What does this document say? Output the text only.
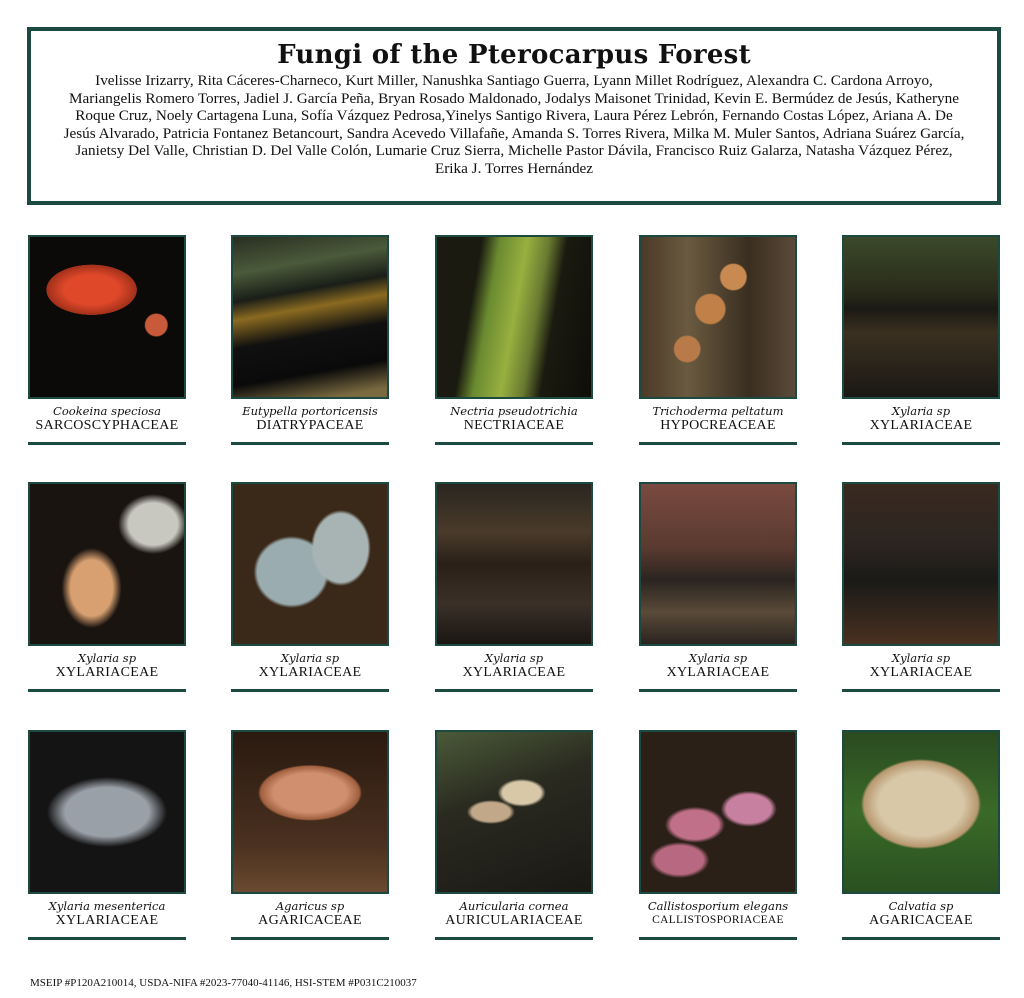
Fungi of the Pterocarpus Forest
Ivelisse Irizarry, Rita Cáceres-Charneco, Kurt Miller, Nanushka Santiago Guerra, Lyann Millet Rodríguez, Alexandra C. Cardona Arroyo, Mariangelis Romero Torres, Jadiel J. García Peña, Bryan Rosado Maldonado, Jodalys Maisonet Trinidad, Kevin E. Bermúdez de Jesús, Katheryne Roque Cruz, Noely Cartagena Luna, Sofía Vázquez Pedrosa,Yinelys Santigo Rivera, Laura Pérez Lebrón, Fernando Costas López, Ariana A. De Jesús Alvarado, Patricia Fontanez Betancourt, Sandra Acevedo Villafañe, Amanda S. Torres Rivera, Milka M. Muler Santos, Adriana Suárez García, Janietsy Del Valle, Christian D. Del Valle Colón, Lumarie Cruz Sierra, Michelle Pastor Dávila, Francisco Ruiz Galarza, Natasha Vázquez Pérez, Erika J. Torres Hernández
Cookeina speciosa
SARCOSCYPHACEAE
Eutypella portoricensis
DIATRYPACEAE
Nectria pseudotrichia
NECTRIACEAE
Trichoderma peltatum
HYPOCREACEAE
Xylaria sp
XYLARIACEAE
Xylaria sp
XYLARIACEAE
Xylaria sp
XYLARIACEAE
Xylaria sp
XYLARIACEAE
Xylaria sp
XYLARIACEAE
Xylaria sp
XYLARIACEAE
Xylaria mesenterica
XYLARIACEAE
Agaricus sp
AGARICACEAE
Auricularia cornea
AURICULARIACEAE
Callistosporium elegans
CALLISTOSPORIACEAE
Calvatia sp
AGARICACEAE
MSEIP #P120A210014, USDA-NIFA #2023-77040-41146, HSI-STEM #P031C210037
